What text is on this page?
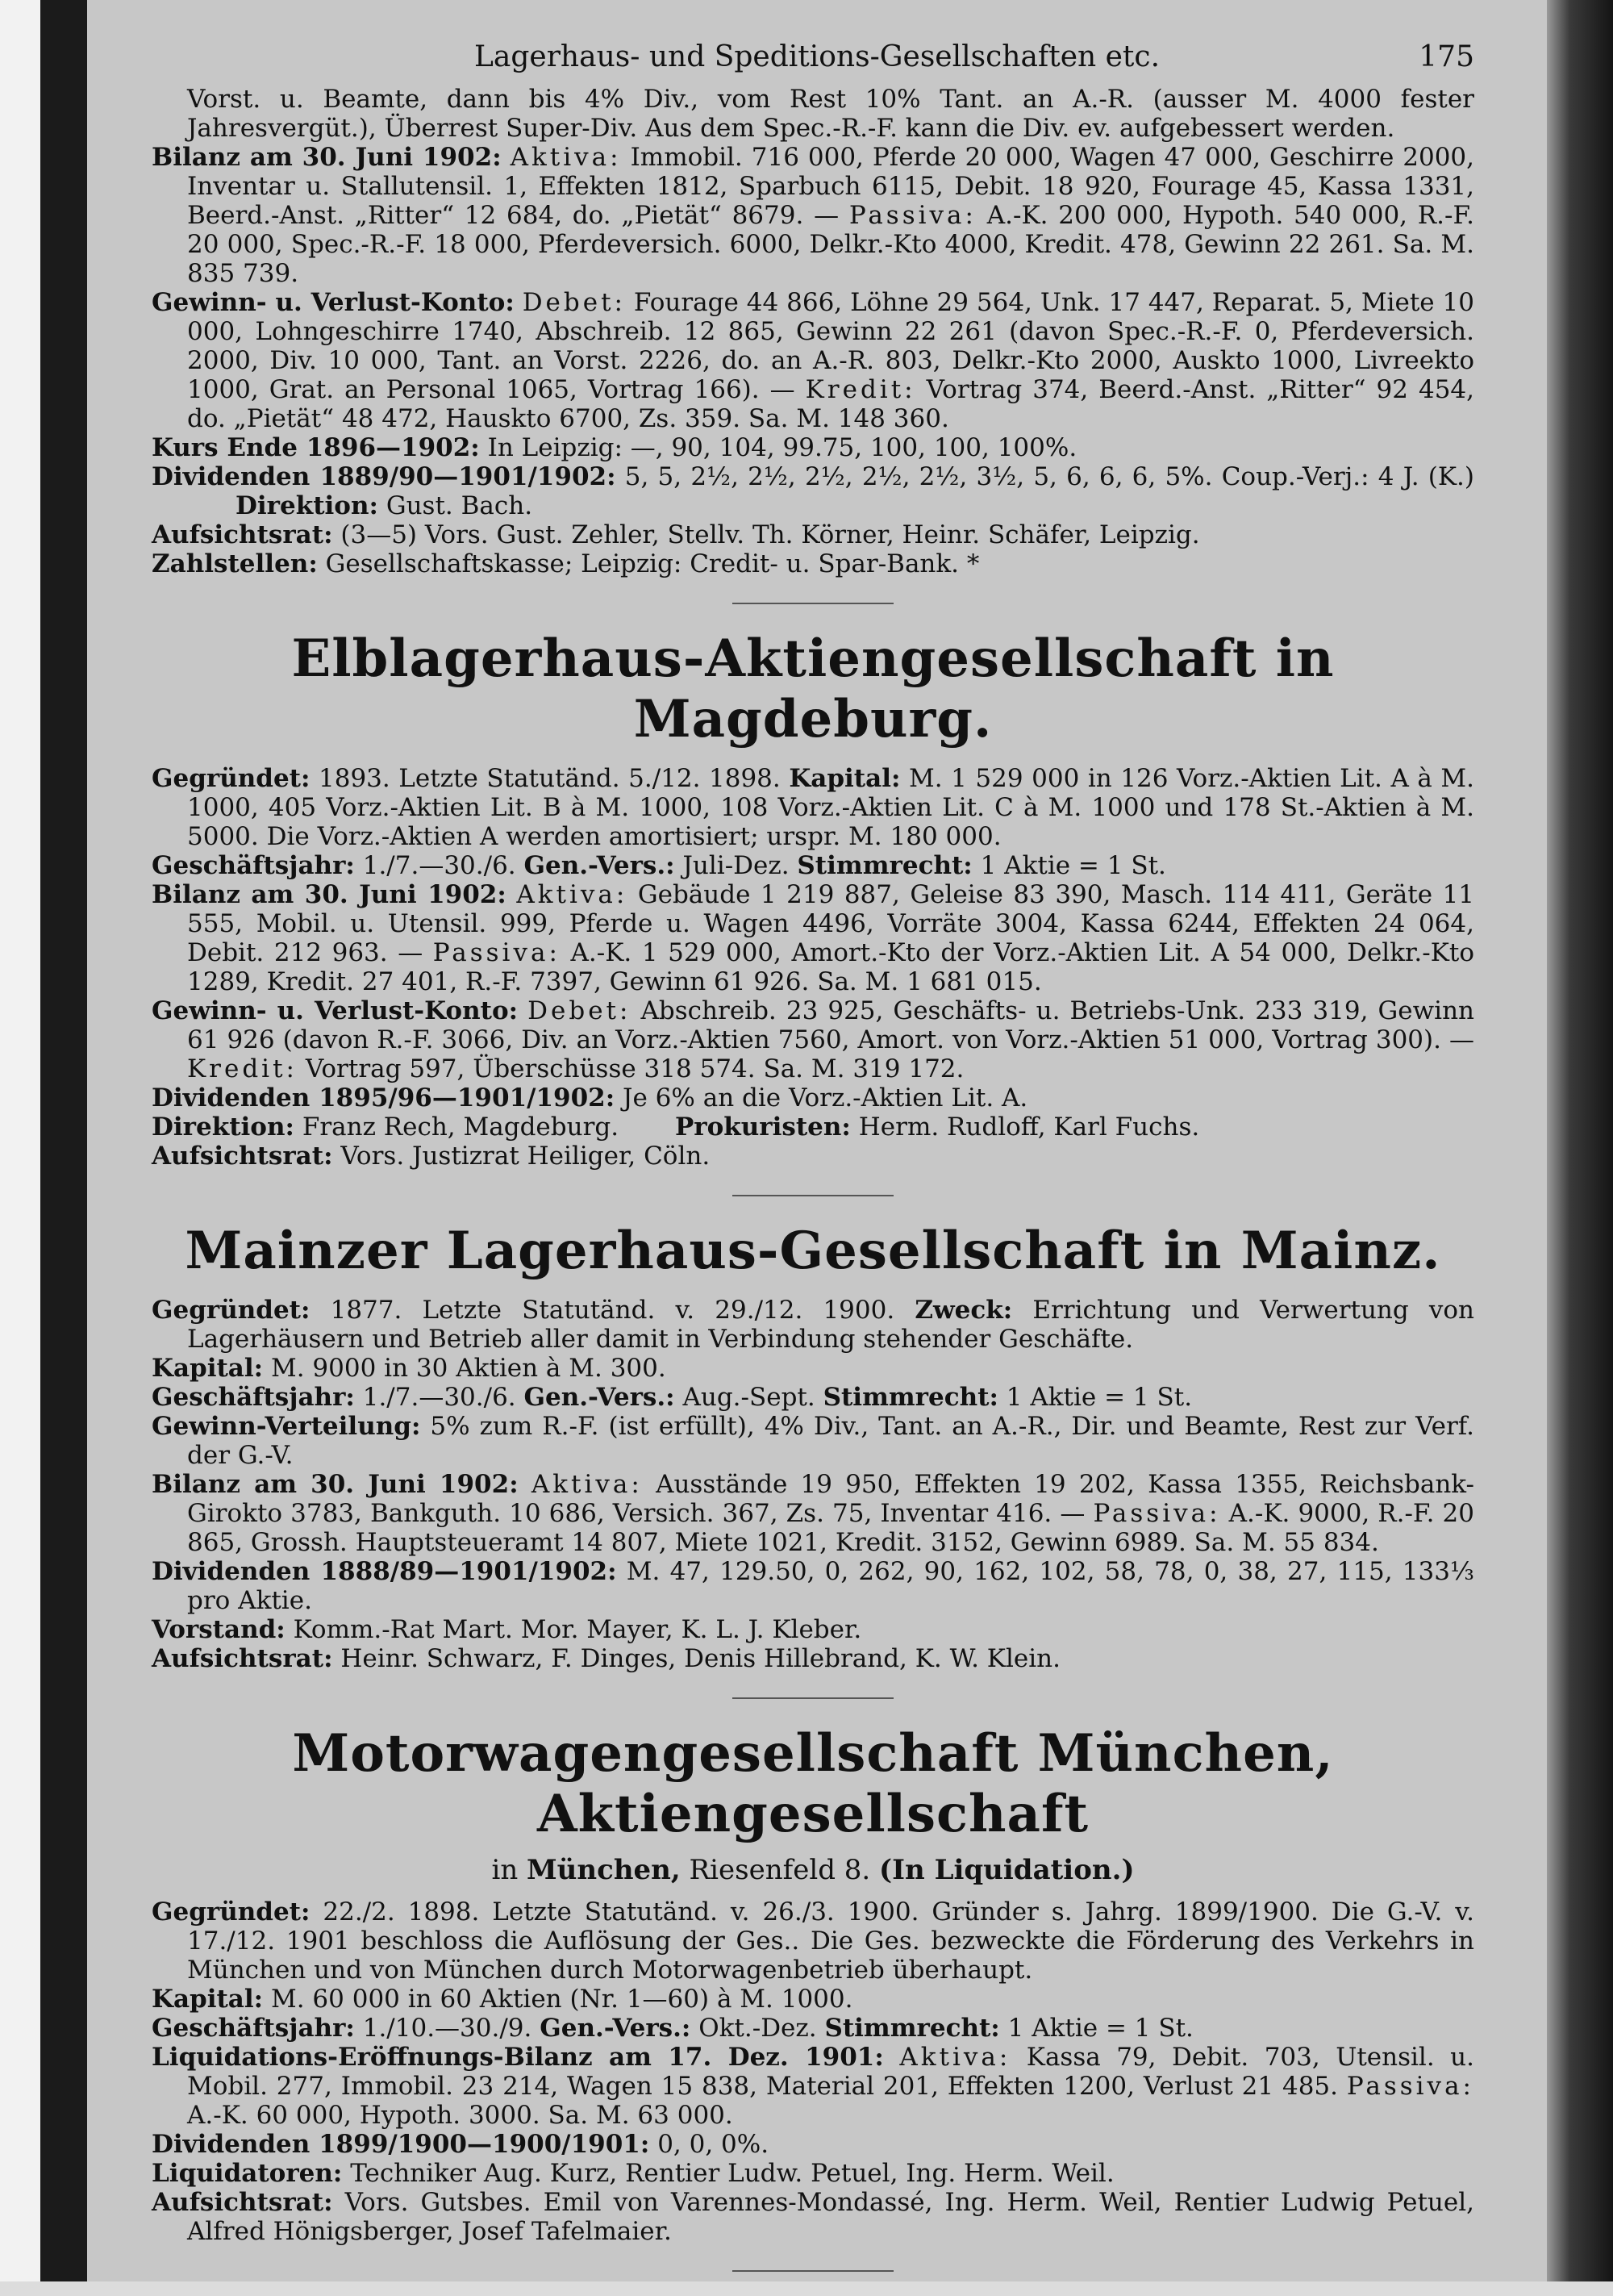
Lagerhaus- und Speditions-Gesellschaften etc.	175

Vorst. u. Beamte, dann bis 4% Div., vom Rest 10% Tant. an A.-R. (ausser M. 4000 fester Jahresvergüt.), Überrest Super-Div. Aus dem Spec.-R.-F. kann die Div. ev. aufgebessert werden.

Bilanz am 30. Juni 1902: Aktiva: Immobil. 716 000, Pferde 20 000, Wagen 47 000, Geschirre 2000, Inventar u. Stallutensil. 1, Effekten 1812, Sparbuch 6115, Debit. 18 920, Fourage 45, Kassa 1331, Beerd.-Anst. „Ritter“ 12 684, do. „Pietät“ 8679. — Passiva: A.-K. 200 000, Hypoth. 540 000, R.-F. 20 000, Spec.-R.-F. 18 000, Pferdeversich. 6000, Delkr.-Kto 4000, Kredit. 478, Gewinn 22 261. Sa. M. 835 739.

Gewinn- u. Verlust-Konto: Debet: Fourage 44 866, Löhne 29 564, Unk. 17 447, Reparat. 5, Miete 10 000, Lohngeschirre 1740, Abschreib. 12 865, Gewinn 22 261 (davon Spec.-R.-F. 0, Pferdeversich. 2000, Div. 10 000, Tant. an Vorst. 2226, do. an A.-R. 803, Delkr.-Kto 2000, Auskto 1000, Livreektо 1000, Grat. an Personal 1065, Vortrag 166). — Kredit: Vortrag 374, Beerd.-Anst. „Ritter“ 92 454, do. „Pietät“ 48 472, Hauskto 6700, Zs. 359. Sa. M. 148 360.

Kurs Ende 1896—1902: In Leipzig: —, 90, 104, 99.75, 100, 100, 100%.

Dividenden 1889/90—1901/1902: 5, 5, 2½, 2½, 2½, 2½, 2½, 3½, 5, 6, 6, 6, 5%. Coup.-Verj.: 4 J. (K.) Direktion: Gust. Bach.

Aufsichtsrat: (3—5) Vors. Gust. Zehler, Stellv. Th. Körner, Heinr. Schäfer, Leipzig.

Zahlstellen: Gesellschaftskasse; Leipzig: Credit- u. Spar-Bank. *

Elblagerhaus-Aktiengesellschaft in Magdeburg.

Gegründet: 1893. Letzte Statutänd. 5./12. 1898. Kapital: M. 1 529 000 in 126 Vorz.-Aktien Lit. A à M. 1000, 405 Vorz.-Aktien Lit. B à M. 1000, 108 Vorz.-Aktien Lit. C à M. 1000 und 178 St.-Aktien à M. 5000. Die Vorz.-Aktien A werden amortisiert; urspr. M. 180 000.

Geschäftsjahr: 1./7.—30./6. Gen.-Vers.: Juli-Dez. Stimmrecht: 1 Aktie = 1 St.

Bilanz am 30. Juni 1902: Aktiva: Gebäude 1 219 887, Geleise 83 390, Masch. 114 411, Geräte 11 555, Mobil. u. Utensil. 999, Pferde u. Wagen 4496, Vorräte 3004, Kassa 6244, Effekten 24 064, Debit. 212 963. — Passiva: A.-K. 1 529 000, Amort.-Kto der Vorz.-Aktien Lit. A 54 000, Delkr.-Kto 1289, Kredit. 27 401, R.-F. 7397, Gewinn 61 926. Sa. M. 1 681 015.

Gewinn- u. Verlust-Konto: Debet: Abschreib. 23 925, Geschäfts- u. Betriebs-Unk. 233 319, Gewinn 61 926 (davon R.-F. 3066, Div. an Vorz.-Aktien 7560, Amort. von Vorz.-Aktien 51 000, Vortrag 300). — Kredit: Vortrag 597, Überschüsse 318 574. Sa. M. 319 172.

Dividenden 1895/96—1901/1902: Je 6% an die Vorz.-Aktien Lit. A.

Direktion: Franz Rech, Magdeburg. Prokuristen: Herm. Rudloff, Karl Fuchs.

Aufsichtsrat: Vors. Justizrat Heiliger, Cöln.

Mainzer Lagerhaus-Gesellschaft in Mainz.

Gegründet: 1877. Letzte Statutänd. v. 29./12. 1900. Zweck: Errichtung und Verwertung von Lagerhäusern und Betrieb aller damit in Verbindung stehender Geschäfte.

Kapital: M. 9000 in 30 Aktien à M. 300.

Geschäftsjahr: 1./7.—30./6. Gen.-Vers.: Aug.-Sept. Stimmrecht: 1 Aktie = 1 St.

Gewinn-Verteilung: 5% zum R.-F. (ist erfüllt), 4% Div., Tant. an A.-R., Dir. und Beamte, Rest zur Verf. der G.-V.

Bilanz am 30. Juni 1902: Aktiva: Ausstände 19 950, Effekten 19 202, Kassa 1355, Reichsbank-Girokto 3783, Bankguth. 10 686, Versich. 367, Zs. 75, Inventar 416. — Passiva: A.-K. 9000, R.-F. 20 865, Grossh. Hauptsteueramt 14 807, Miete 1021, Kredit. 3152, Gewinn 6989. Sa. M. 55 834.

Dividenden 1888/89—1901/1902: M. 47, 129.50, 0, 262, 90, 162, 102, 58, 78, 0, 38, 27, 115, 133⅓ pro Aktie.

Vorstand: Komm.-Rat Mart. Mor. Mayer, K. L. J. Kleber.

Aufsichtsrat: Heinr. Schwarz, F. Dinges, Denis Hillebrand, K. W. Klein.

Motorwagengesellschaft München, Aktiengesellschaft
in München, Riesenfeld 8. (In Liquidation.)

Gegründet: 22./2. 1898. Letzte Statutänd. v. 26./3. 1900. Gründer s. Jahrg. 1899/1900. Die G.-V. v. 17./12. 1901 beschloss die Auflösung der Ges.. Die Ges. bezweckte die Förderung des Verkehrs in München und von München durch Motorwagenbetrieb überhaupt.

Kapital: M. 60 000 in 60 Aktien (Nr. 1—60) à M. 1000.

Geschäftsjahr: 1./10.—30./9. Gen.-Vers.: Okt.-Dez. Stimmrecht: 1 Aktie = 1 St.

Liquidations-Eröffnungs-Bilanz am 17. Dez. 1901: Aktiva: Kassa 79, Debit. 703, Utensil. u. Mobil. 277, Immobil. 23 214, Wagen 15 838, Material 201, Effekten 1200, Verlust 21 485. Passiva: A.-K. 60 000, Hypoth. 3000. Sa. M. 63 000.

Dividenden 1899/1900—1900/1901: 0, 0, 0%.

Liquidatoren: Techniker Aug. Kurz, Rentier Ludw. Petuel, Ing. Herm. Weil.

Aufsichtsrat: Vors. Gutsbes. Emil von Varennes-Mondassé, Ing. Herm. Weil, Rentier Ludwig Petuel, Alfred Hönigsberger, Josef Tafelmaier.
